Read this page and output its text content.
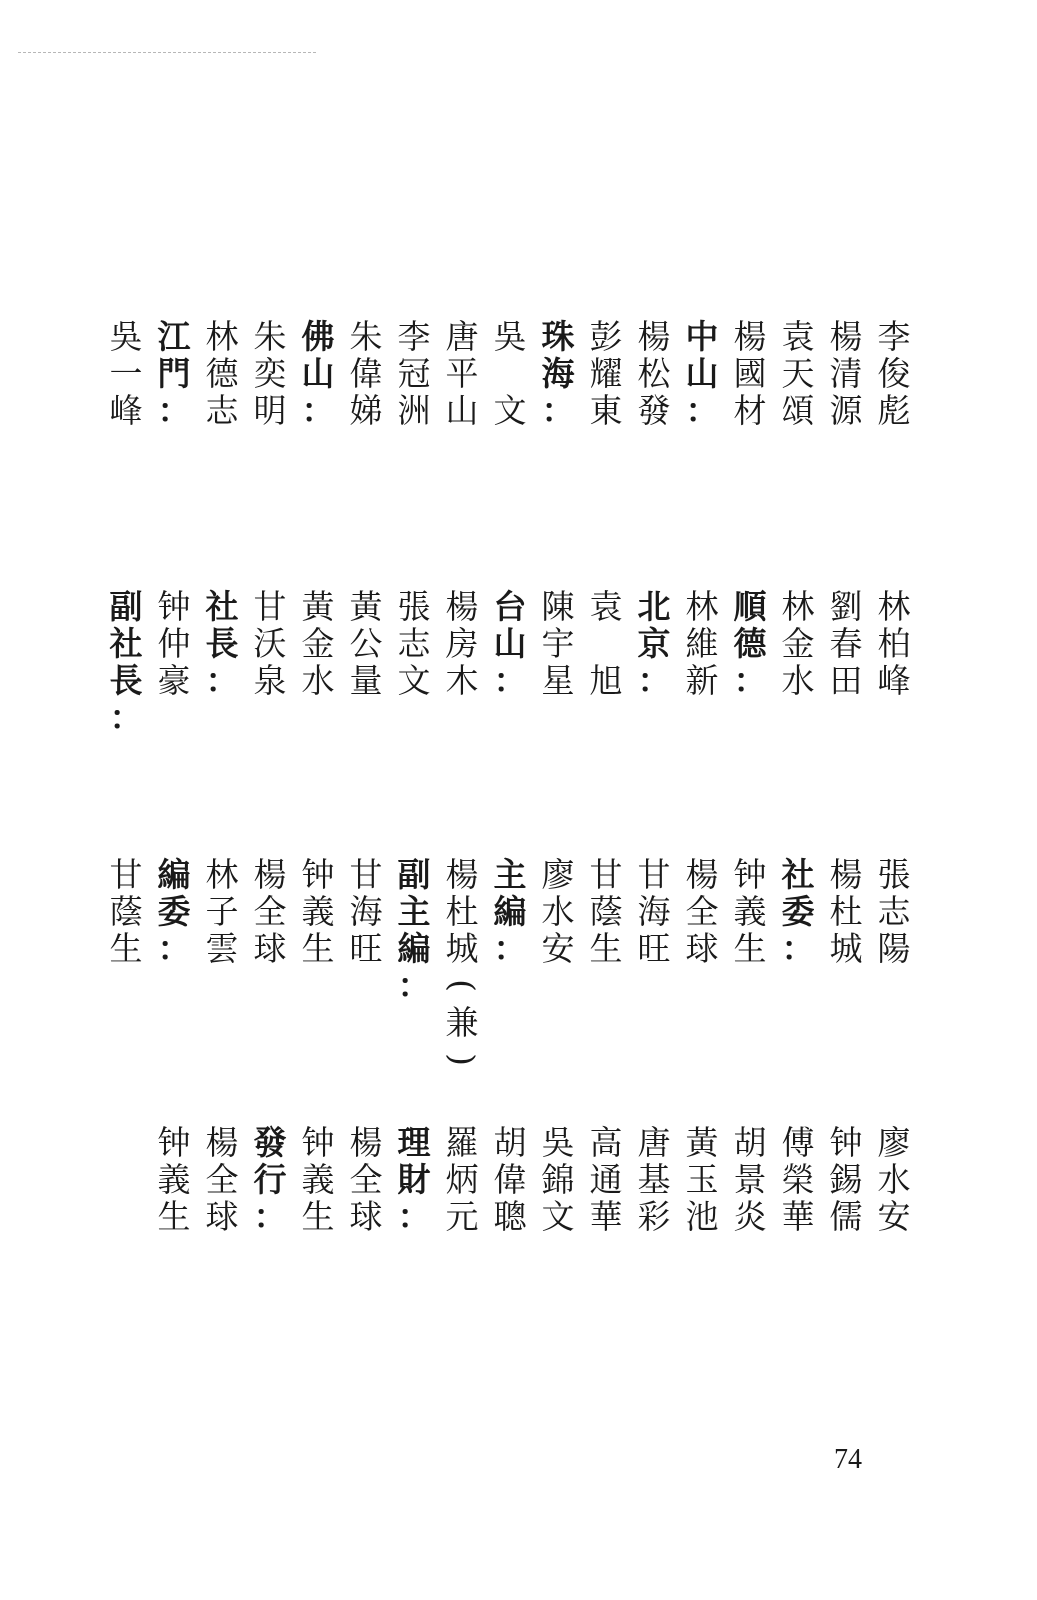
李
俊
彪
楊
清
源
袁
天
頌
楊
國
材
中
山
：
楊
松
發
彭
耀
東
珠
海
：
吳

文
唐
平
山
李
冠
洲
朱
偉
娣
佛
山
：
朱
奕
明
林
德
志
江
門
：
吳
一
峰
林
柏
峰
劉
春
田
林
金
水
順
德
：
林
維
新
北
京
：
袁

旭
陳
宇
星
台
山
：
楊
房
木
張
志
文
黃
公
量
黃
金
水
甘
沃
泉
社
長
：
钟
仲
豪
副
社
長
：
張
志
陽
楊
杜
城
社
委
：
钟
義
生
楊
全
球
甘
海
旺
甘
蔭
生
廖
水
安
主
編
：
楊
杜
城
(
兼
)
副
主
編
：
甘
海
旺
钟
義
生
楊
全
球
林
子
雲
編
委
：
甘
蔭
生
廖
水
安
钟
錫
儒
傅
榮
華
胡
景
炎
黃
玉
池
唐
基
彩
高
通
華
吳
錦
文
胡
偉
聰
羅
炳
元
理
財
：
楊
全
球
钟
義
生
發
行
：
楊
全
球
钟
義
生
74
